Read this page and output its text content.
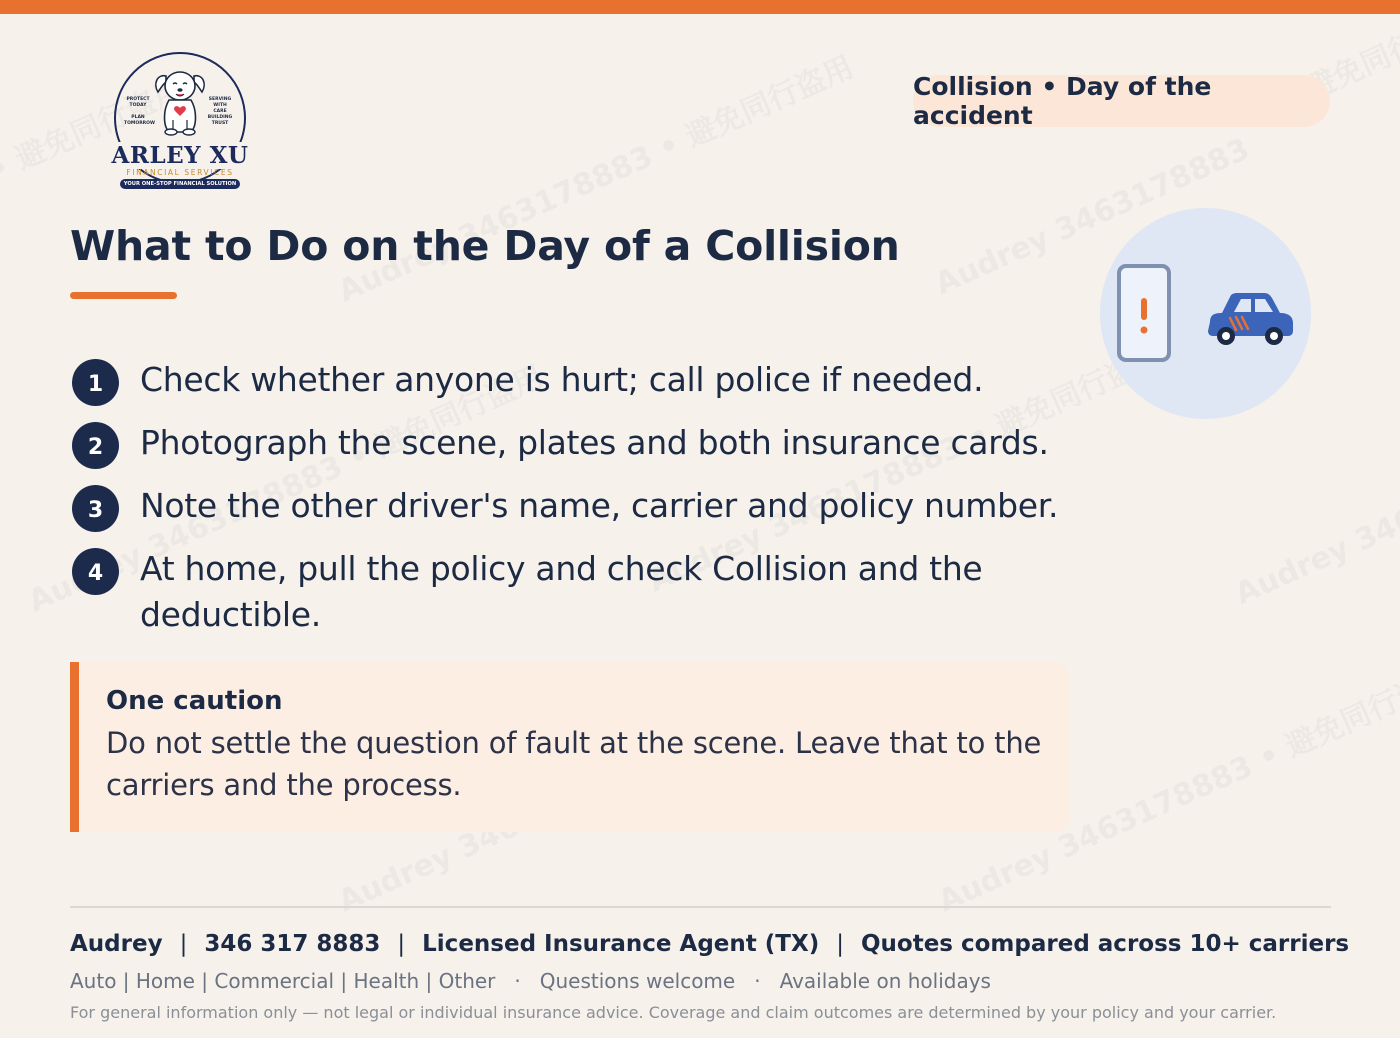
PROTECT TODAY
PLAN TOMORROW
SERVING WITH CARE
BUILDING TRUST
ARLEY XU
FINANCIAL SERVICES
YOUR ONE-STOP FINANCIAL SOLUTION
Collision • Day of the accident
What to Do on the Day of a Collision
1	Check whether anyone is hurt; call police if needed.
2	Photograph the scene, plates and both insurance cards.
3	Note the other driver's name, carrier and policy number.
4	At home, pull the policy and check Collision and the deductible.
One caution
Do not settle the question of fault at the scene. Leave that to the carriers and the process.
Audrey | 346 317 8883 | Licensed Insurance Agent (TX) | Quotes compared across 10+ carriers
Auto | Home | Commercial | Health | Other · Questions welcome · Available on holidays
For general information only — not legal or individual insurance advice. Coverage and claim outcomes are determined by your policy and your carrier.
